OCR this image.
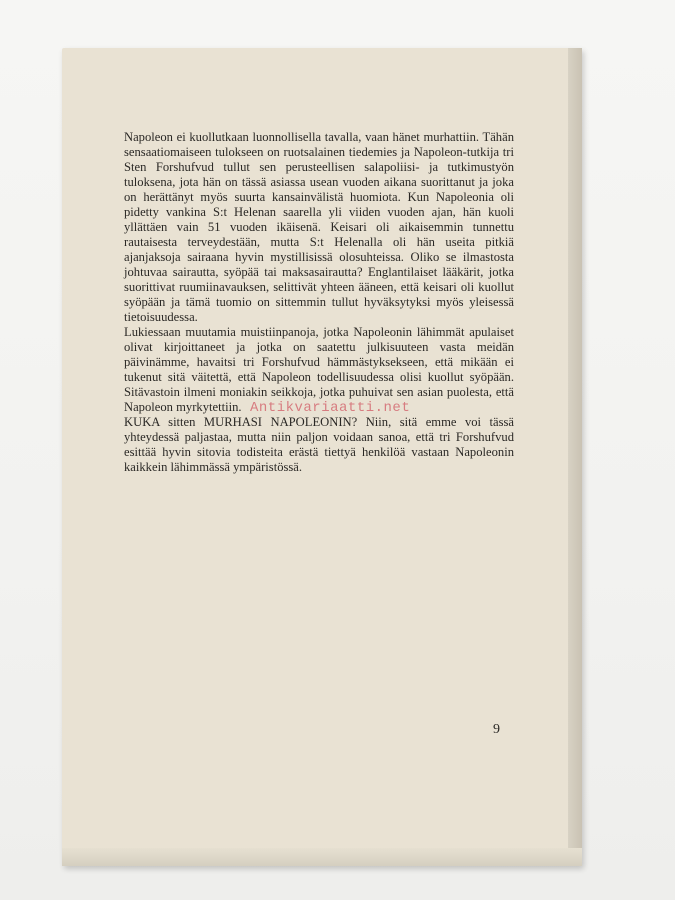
Napoleon ei kuollutkaan luonnollisella tavalla, vaan hänet murhattiin. Tähän sensaatiomaiseen tulokseen on ruotsalainen tiedemies ja Napoleon-tutkija tri Sten Forshufvud tullut sen perusteellisen salapoliisi- ja tutkimustyön tuloksena, jota hän on tässä asiassa usean vuoden aikana suorittanut ja joka on herättänyt myös suurta kansainvälistä huomiota. Kun Napoleonia oli pidetty vankina S:t Helenan saarella yli viiden vuoden ajan, hän kuoli yllättäen vain 51 vuoden ikäisenä. Keisari oli aikaisemmin tunnettu rautaisesta terveydestään, mutta S:t Helenalla oli hän useita pitkiä ajanjaksoja sairaana hyvin mystillisissä olosuhteissa. Oliko se ilmastosta johtuvaa sairautta, syöpää tai maksasairautta? Englantilaiset lääkärit, jotka suorittivat ruumiinavauksen, selittivät yhteen ääneen, että keisari oli kuollut syöpään ja tämä tuomio on sittemmin tullut hyväksytyksi myös yleisessä tietoisuudessa.

Lukiessaan muutamia muistiinpanoja, jotka Napoleonin lähimmät apulaiset olivat kirjoittaneet ja jotka on saatettu julkisuuteen vasta meidän päivinämme, havaitsi tri Forshufvud hämmästyksekseen, että mikään ei tukenut sitä väitettä, että Napoleon todellisuudessa olisi kuollut syöpään. Sitävastoin ilmeni moniakin seikkoja, jotka puhuivat sen asian puolesta, että Napoleon myrkytettiin.

KUKA sitten MURHASI NAPOLEONIN? Niin, sitä emme voi tässä yhteydessä paljastaa, mutta niin paljon voidaan sanoa, että tri Forshufvud esittää hyvin sitovia todisteita erästä tiettyä henkilöä vastaan Napoleonin kaikkein lähimmässä ympäristössä.

9
Antikvariaatti.net
